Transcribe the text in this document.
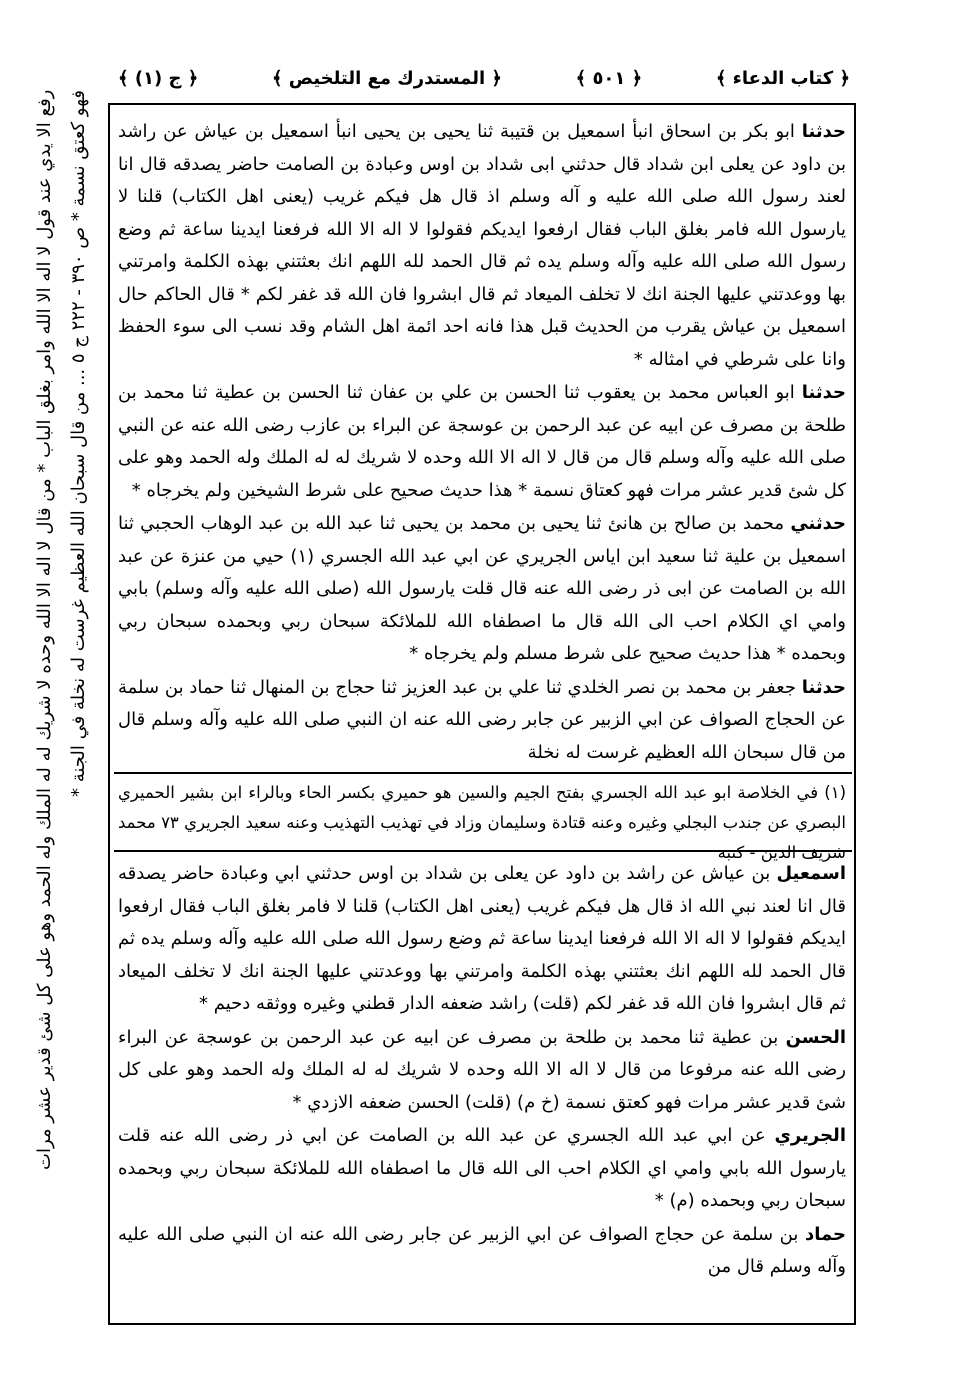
﴿ ج (١) ﴾	﴿ المستدرك مع التلخيص ﴾	﴿ ٥٠١ ﴾	﴿ كتاب الدعاء ﴾

حدثنا ابو بكر بن اسحاق انبأ اسمعيل بن قتيبة ثنا يحيى بن يحيى انبأ اسمعيل بن عياش عن راشد بن داود عن يعلى ابن شداد قال حدثني ابى شداد بن اوس وعبادة بن الصامت حاضر يصدقه قال انا لعند رسول الله صلى الله عليه و آله وسلم اذ قال هل فيكم غريب (يعنى اهل الكتاب) قلنا لا يارسول الله فامر بغلق الباب فقال ارفعوا ايديكم فقولوا لا اله الا الله فرفعنا ايدينا ساعة ثم وضع رسول الله صلى الله عليه وآله وسلم يده ثم قال الحمد لله اللهم انك بعثتني بهذه الكلمة وامرتني بها ووعدتني عليها الجنة انك لا تخلف الميعاد ثم قال ابشروا فان الله قد غفر لكم * قال الحاكم حال اسمعيل بن عياش يقرب من الحديث قبل هذا فانه احد ائمة اهل الشام وقد نسب الى سوء الحفظ وانا على شرطي في امثاله *

حدثنا ابو العباس محمد بن يعقوب ثنا الحسن بن علي بن عفان ثنا الحسن بن عطية ثنا محمد بن طلحة بن مصرف عن ابيه عن عبد الرحمن بن عوسجة عن البراء بن عازب رضى الله عنه عن النبي صلى الله عليه وآله وسلم قال من قال لا اله الا الله وحده لا شريك له له الملك وله الحمد وهو على كل شئ قدير عشر مرات فهو كعتاق نسمة * هذا حديث صحيح على شرط الشيخين ولم يخرجاه *

حدثني محمد بن صالح بن هانئ ثنا يحيى بن محمد بن يحيى ثنا عبد الله بن عبد الوهاب الحجبي ثنا اسمعيل بن علية ثنا سعيد ابن اياس الجريري عن ابي عبد الله الجسري (١) حيي من عنزة عن عبد الله بن الصامت عن ابى ذر رضى الله عنه قال قلت يارسول الله (صلى الله عليه وآله وسلم) بابي وامي اي الكلام احب الى الله قال ما اصطفاه الله للملائكة سبحان ربي وبحمده سبحان ربي وبحمده * هذا حديث صحيح على شرط مسلم ولم يخرجاه *

حدثنا جعفر بن محمد بن نصر الخلدي ثنا علي بن عبد العزيز ثنا حجاج بن المنهال ثنا حماد بن سلمة عن الحجاج الصواف عن ابي الزبير عن جابر رضى الله عنه ان النبي صلى الله عليه وآله وسلم قال من قال سبحان الله العظيم غرست له نخلة

(١) في الخلاصة ابو عبد الله الجسري بفتح الجيم والسين هو حميري بكسر الحاء وبالراء ابن بشير الحميري البصري عن جندب البجلي وغيره وعنه قتادة وسليمان وزاد في تهذيب التهذيب وعنه سعيد الجريري ٧٣ محمد شريف الدين - كتبه

اسمعيل بن عياش عن راشد بن داود عن يعلى بن شداد بن اوس حدثني ابي وعبادة حاضر يصدقه قال انا لعند نبي الله اذ قال هل فيكم غريب (يعنى اهل الكتاب) قلنا لا فامر بغلق الباب فقال ارفعوا ايديكم فقولوا لا اله الا الله فرفعنا ايدينا ساعة ثم وضع رسول الله صلى الله عليه وآله وسلم يده ثم قال الحمد لله اللهم انك بعثتني بهذه الكلمة وامرتني بها ووعدتني عليها الجنة انك لا تخلف الميعاد ثم قال ابشروا فان الله قد غفر لكم (قلت) راشد ضعفه الدار قطني وغيره ووثقه دحيم *

الحسن بن عطية ثنا محمد بن طلحة بن مصرف عن ابيه عن عبد الرحمن بن عوسجة عن البراء رضى الله عنه مرفوعا من قال لا اله الا الله وحده لا شريك له له الملك وله الحمد وهو على كل شئ قدير عشر مرات فهو كعتق نسمة (خ م) (قلت) الحسن ضعفه الازدي *

الجريري عن ابي عبد الله الجسري عن عبد الله بن الصامت عن ابي ذر رضى الله عنه قلت يارسول الله بابي وامي اي الكلام احب الى الله قال ما اصطفاه الله للملائكة سبحان ربي وبحمده سبحان ربي وبحمده (م) *

حماد بن سلمة عن حجاج الصواف عن ابي الزبير عن جابر رضى الله عنه ان النبي صلى الله عليه وآله وسلم قال من

رفع الا يدي عند قول لا اله الا الله وامر بغلق الباب * من قال لا اله الا الله وحده لا شريك له له الملك وله الحمد وهو على كل شئ قدير عشر مرات فهو كعتق نسمة * ص ٣٩٠ - ٢٢٢ ج ٥ ... من قال سبحان الله العظيم غرست له نخلة في الجنة *
